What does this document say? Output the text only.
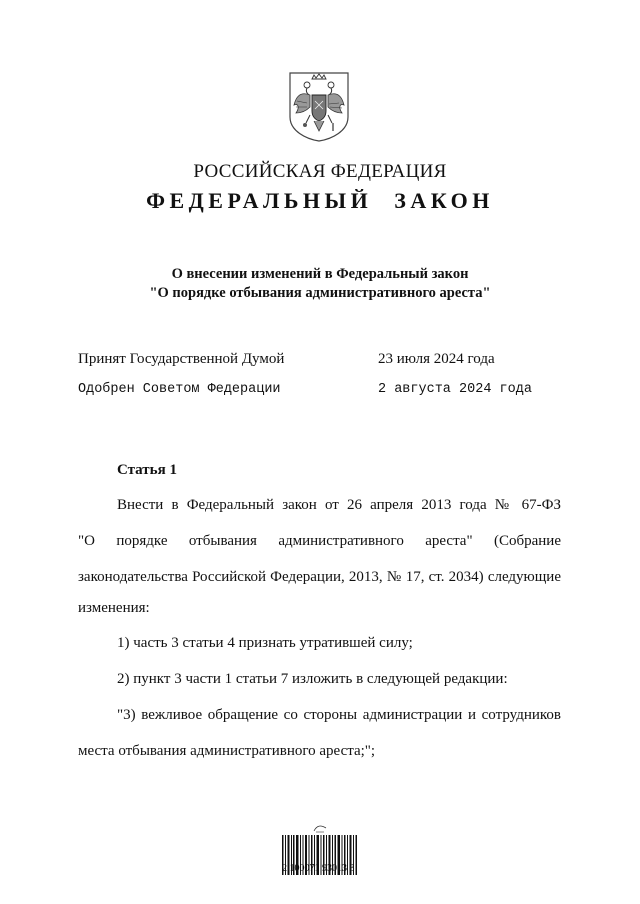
РОССИЙСКАЯ ФЕДЕРАЦИЯ
ФЕДЕРАЛЬНЫЙ ЗАКОН
О внесении изменений в Федеральный закон
"О порядке отбывания административного ареста"
Принят Государственной Думой	23 июля 2024 года
Одобрен Советом Федерации	2 августа 2024 года
Статья 1
Внести в Федеральный закон от 26 апреля 2013 года № 67-ФЗ
"О порядке отбывания административного ареста" (Собрание
законодательства Российской Федерации, 2013, № 17, ст. 2034) следующие
изменения:
1) часть 3 статьи 4 признать утратившей силу;
2) пункт 3 части 1 статьи 7 изложить в следующей редакции:
"3) вежливое обращение со стороны администрации и сотрудников
места отбывания административного ареста;";
2 100071 93013 3
